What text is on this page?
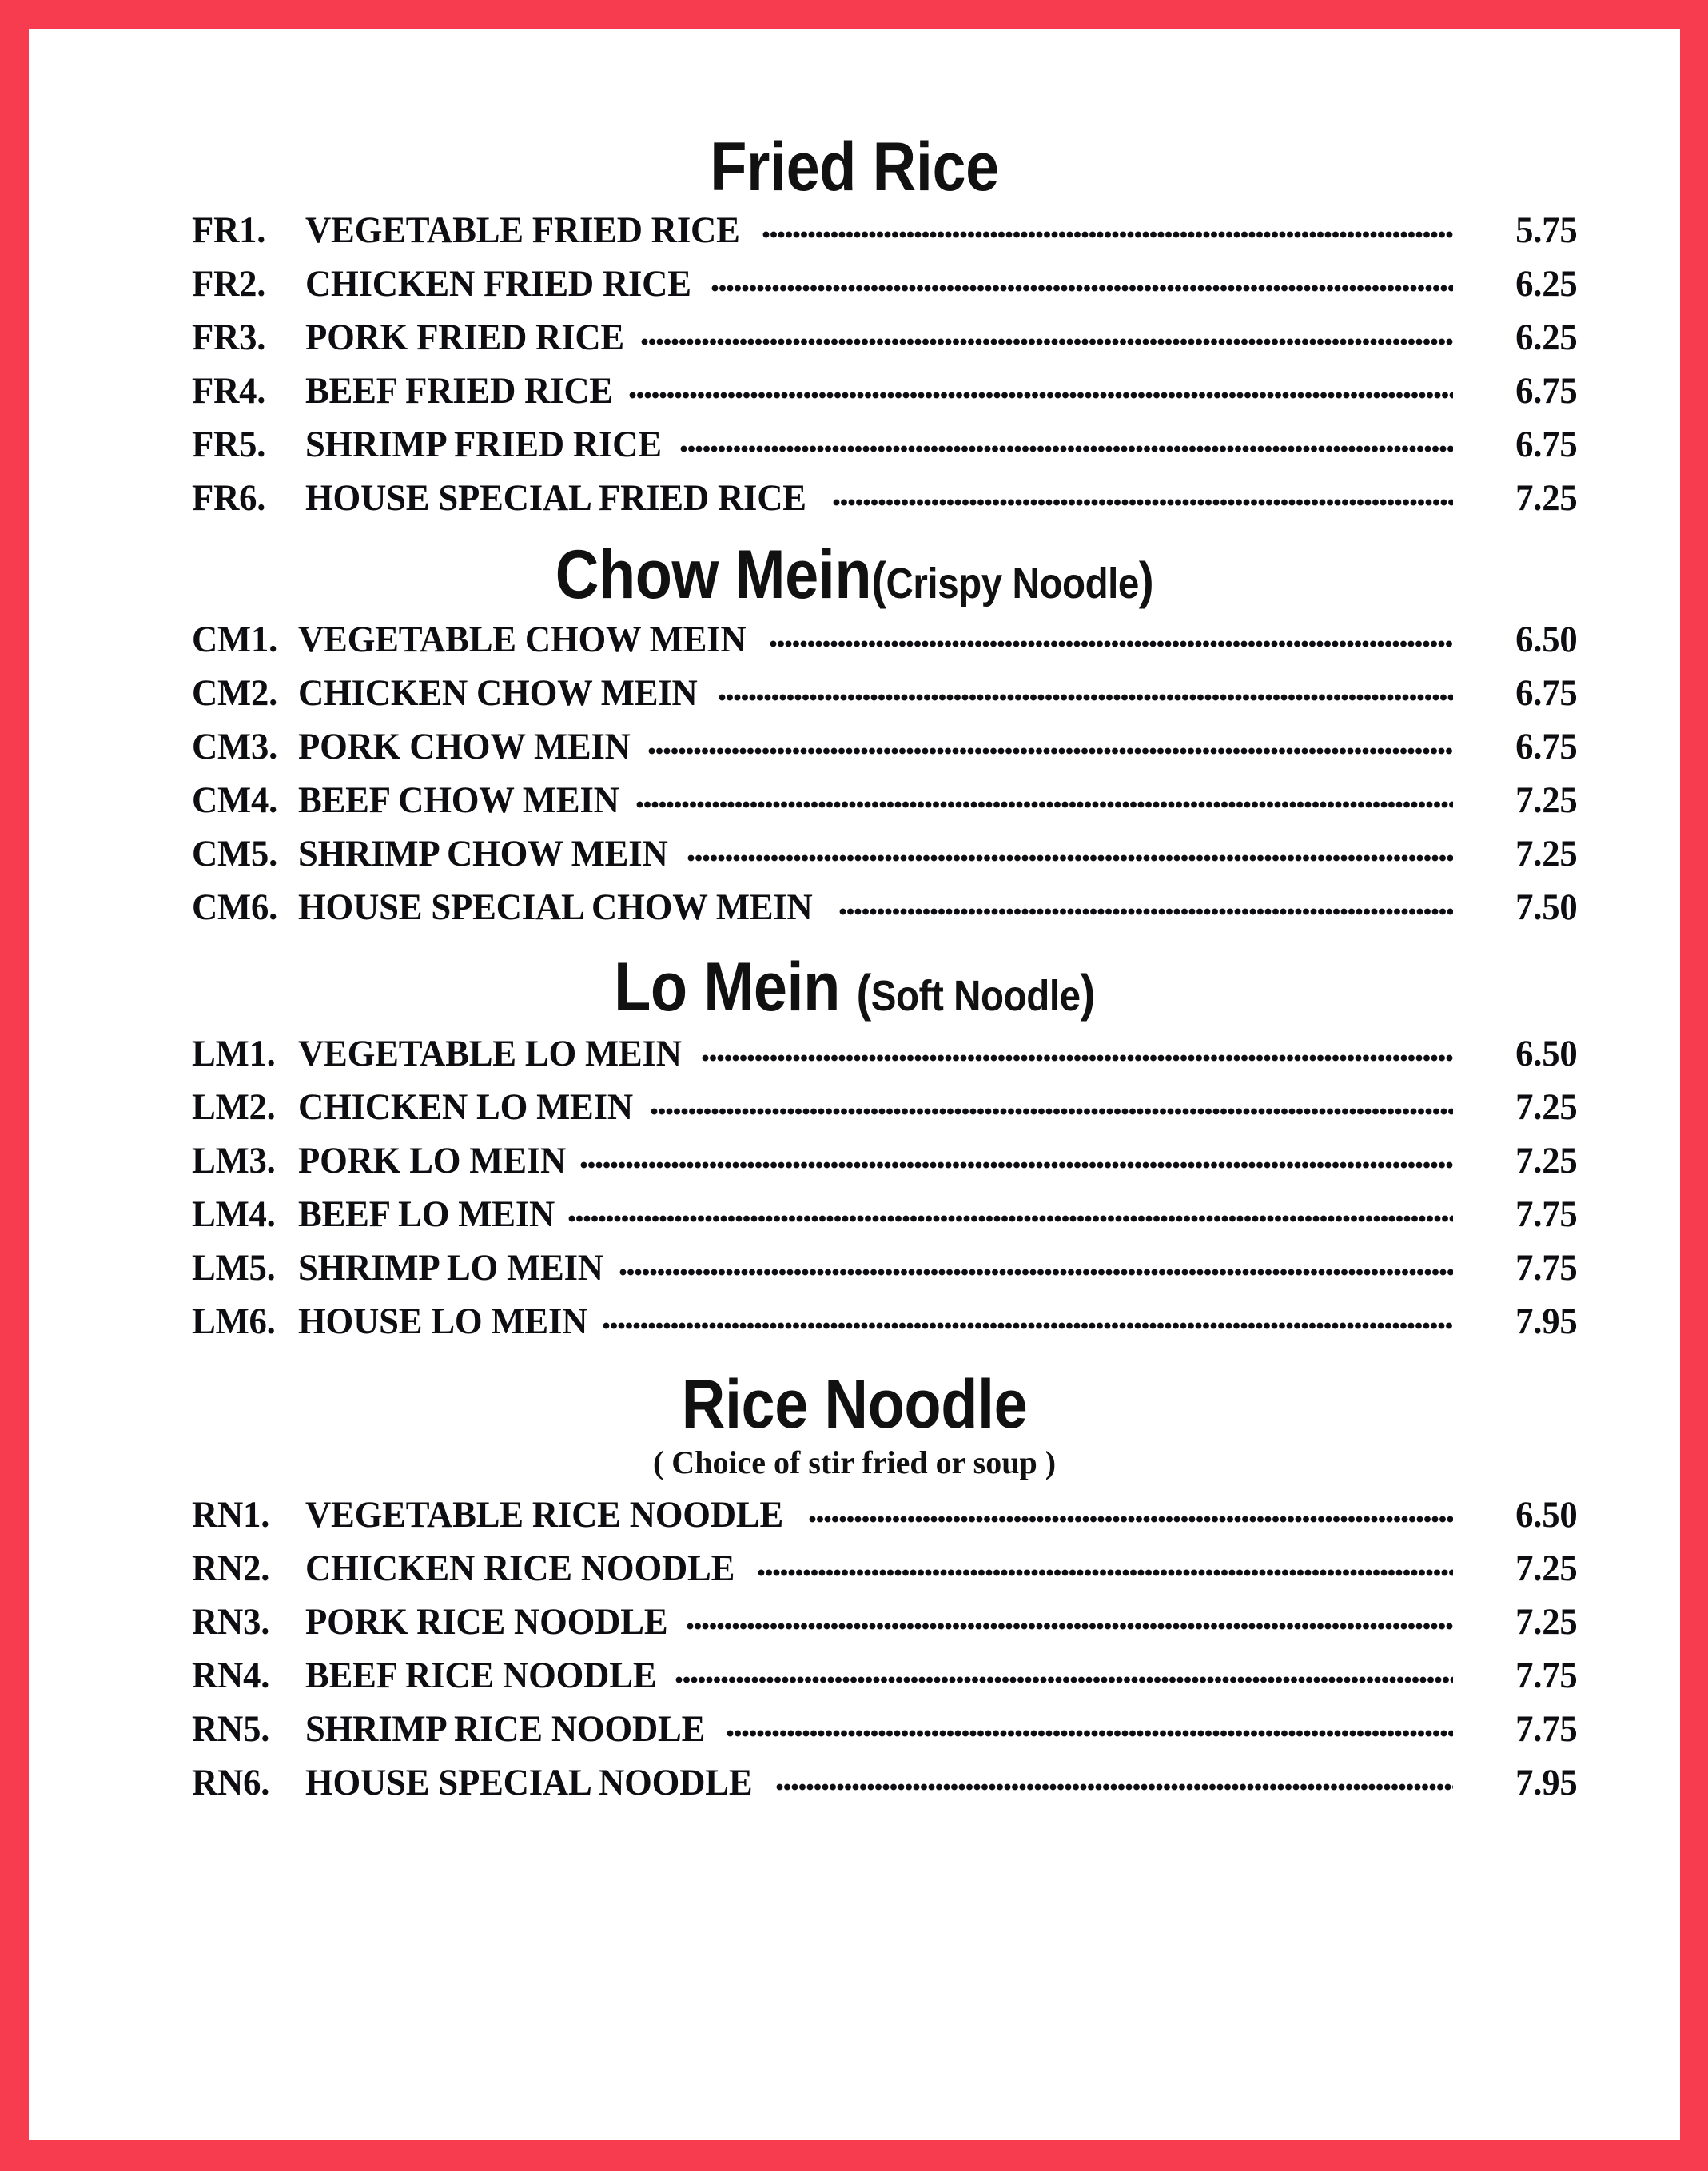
Fried Rice
FR1.	VEGETABLE FRIED RICE	5.75
FR2.	CHICKEN FRIED RICE	6.25
FR3.	PORK FRIED RICE	6.25
FR4.	BEEF FRIED RICE	6.75
FR5.	SHRIMP FRIED RICE	6.75
FR6.	HOUSE SPECIAL FRIED RICE	7.25
Chow Mein(Crispy Noodle)
CM1. VEGETABLE CHOW MEIN	6.50
CM2. CHICKEN CHOW MEIN	6.75
CM3. PORK CHOW MEIN	6.75
CM4. BEEF CHOW MEIN	7.25
CM5. SHRIMP CHOW MEIN	7.25
CM6. HOUSE SPECIAL CHOW MEIN	7.50
Lo Mein (Soft Noodle)
LM1. VEGETABLE LO MEIN	6.50
LM2. CHICKEN LO MEIN	7.25
LM3. PORK LO MEIN	7.25
LM4. BEEF LO MEIN	7.75
LM5. SHRIMP LO MEIN	7.75
LM6. HOUSE LO MEIN	7.95
Rice Noodle
( Choice of stir fried or soup )
RN1. VEGETABLE RICE NOODLE	6.50
RN2. CHICKEN RICE NOODLE	7.25
RN3. PORK RICE NOODLE	7.25
RN4. BEEF RICE NOODLE	7.75
RN5. SHRIMP RICE NOODLE	7.75
RN6. HOUSE SPECIAL NOODLE	7.95
